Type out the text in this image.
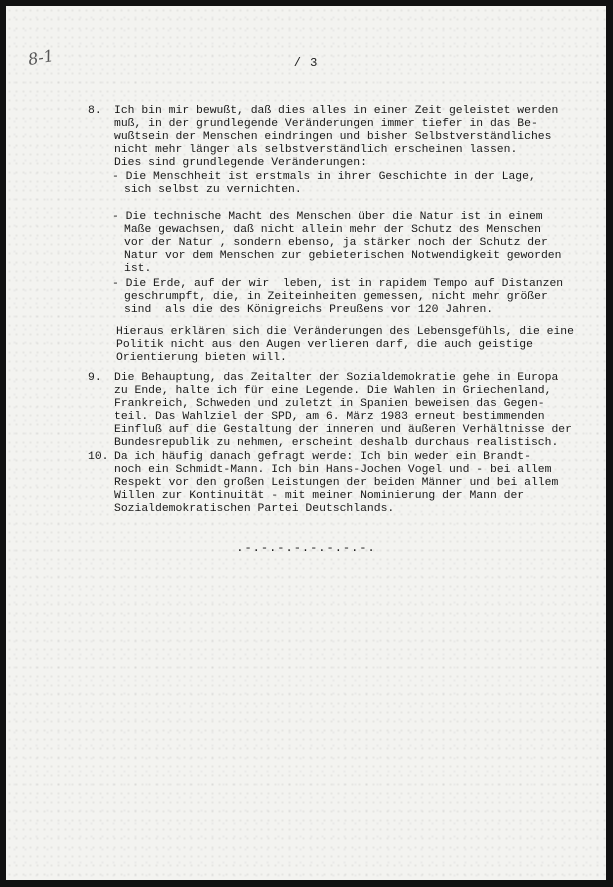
8-1	/ 3
8. Ich bin mir bewußt, daß dies alles in einer Zeit geleistet werden
muß, in der grundlegende Veränderungen immer tiefer in das Be-
wußtsein der Menschen eindringen und bisher Selbstverständliches
nicht mehr länger als selbstverständlich erscheinen lassen.
Dies sind grundlegende Veränderungen:

- Die Menschheit ist erstmals in ihrer Geschichte in der Lage,
sich selbst zu vernichten.
- Die technische Macht des Menschen über die Natur ist in einem
Maße gewachsen, daß nicht allein mehr der Schutz des Menschen
vor der Natur , sondern ebenso, ja stärker noch der Schutz der
Natur vor dem Menschen zur gebieterischen Notwendigkeit geworden
ist.
- Die Erde, auf der wir  leben, ist in rapidem Tempo auf Distanzen
geschrumpft, die, in Zeiteinheiten gemessen, nicht mehr größer
sind  als die des Königreichs Preußens vor 120 Jahren.
Hieraus erklären sich die Veränderungen des Lebensgefühls, die eine
Politik nicht aus den Augen verlieren darf, die auch geistige
Orientierung bieten will.
9. Die Behauptung, das Zeitalter der Sozialdemokratie gehe in Europa
zu Ende, halte ich für eine Legende. Die Wahlen in Griechenland,
Frankreich, Schweden und zuletzt in Spanien beweisen das Gegen-
teil. Das Wahlziel der SPD, am 6. März 1983 erneut bestimmenden
Einfluß auf die Gestaltung der inneren und äußeren Verhältnisse der
Bundesrepublik zu nehmen, erscheint deshalb durchaus realistisch.
10. Da ich häufig danach gefragt werde: Ich bin weder ein Brandt-
noch ein Schmidt-Mann. Ich bin Hans-Jochen Vogel und - bei allem
Respekt vor den großen Leistungen der beiden Männer und bei allem
Willen zur Kontinuität - mit meiner Nominierung der Mann der
Sozialdemokratischen Partei Deutschlands.
.-.-.-.-.-.-.-.-.
